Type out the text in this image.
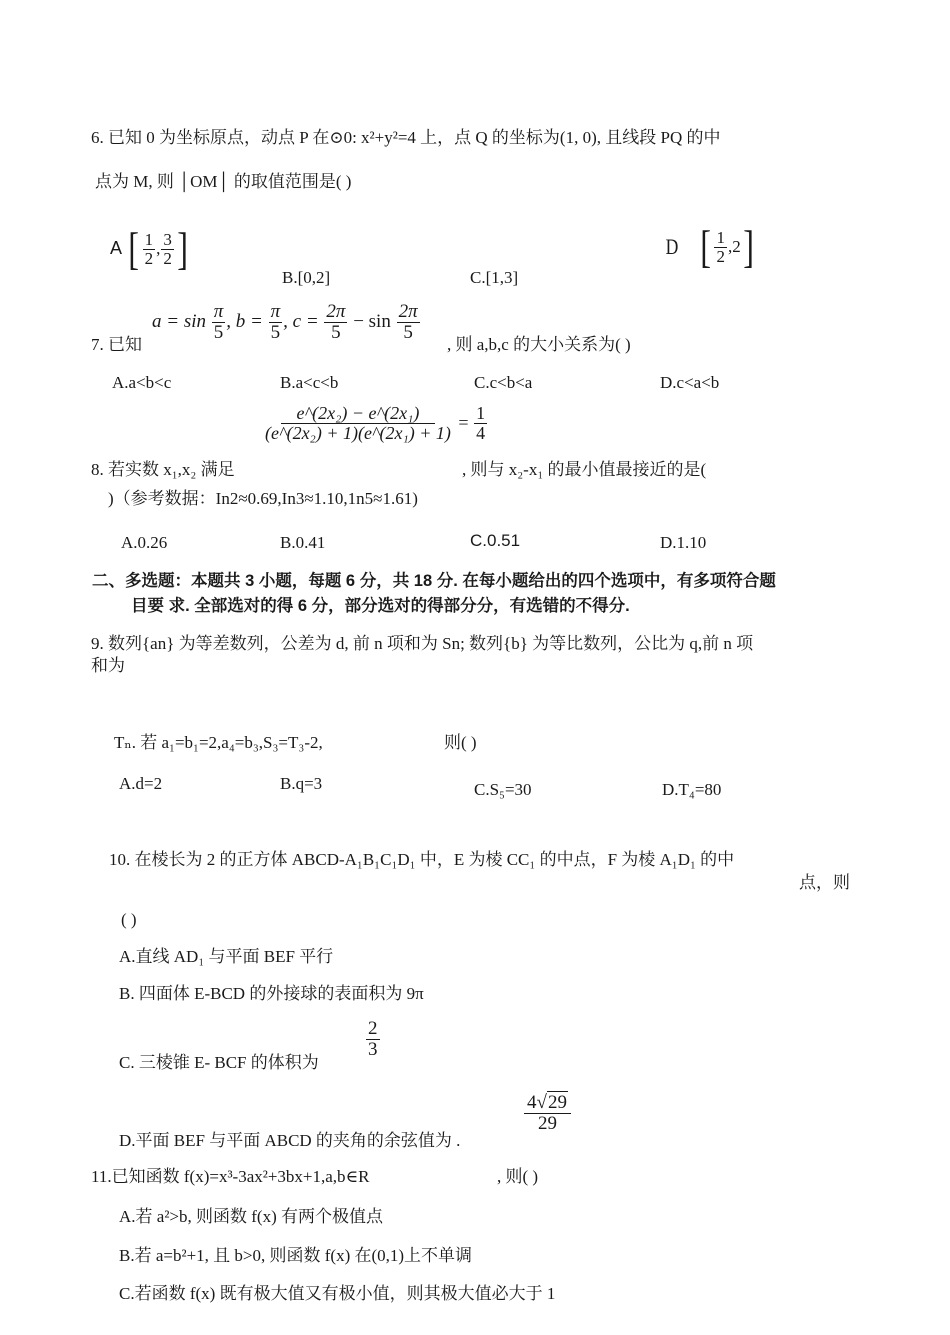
6. 已知 0 为坐标原点，动点 P 在⊙0: x²+y²=4 上，点 Q 的坐标为(1, 0), 且线段 PQ 的中
点为 M, 则 │OM│ 的取值范围是( )
A [ $\frac{1}{2}$ , $\frac{3}{2}$ ]
B.[0,2]	C.[1,3]
D [ $\frac{1}{2} ,2$]
7. 已知
$a = \sin \frac{\pi}{5}$ , $b = \frac{\pi}{5}$ , $c = \frac{2\pi}{5} - \sin \frac{2\pi}{5}$
, 则 a,b,c 的大小关系为( )
A.a<b<c	B.a<c<b	C.c<b<a	D.c<a<b
8. 若实数 x₁,x₂ 满足
$\frac{\text{e\textasciicircum{}(2x₂) − e\textasciicircum{}(2x₁)}}{\text{(e\textasciicircum{}(2x₂) + 1)(e\textasciicircum{}(2x₁) + 1)}} = \frac{1}{4}$
, 则与 x₂-x₁ 的最小值最接近的是(
)（参考数据：In2≈0.69,In3≈1.10,1n5≈1.61)
A.0.26	B.0.41	C.0.51	D.1.10
二、多选题：本题共 3 小题，每题 6 分，共 18 分. 在每小题给出的四个选项中，有多项符合题
目要 求. 全部选对的得 6 分，部分选对的得部分分，有选错的不得分.
9. 数列{an} 为等差数列，公差为 d, 前 n 项和为 Sn; 数列{b} 为等比数列，公比为 q,前 n 项
和为
Tₙ. 若 a₁=b₁=2,a₄=b₃,S₃=T₃-2,	则( )
A.d=2	B.q=3	C.S₅=30	D.T₄=80
10. 在棱长为 2 的正方体 ABCD-A₁B₁C₁D₁ 中，E 为棱 CC₁ 的中点，F 为棱 A₁D₁ 的中
点，则
( )
A.直线 AD₁ 与平面 BEF 平行
B. 四面体 E-BCD 的外接球的表面积为 9π
C. 三棱锥 E- BCF 的体积为
$\frac{2}{3}$
D.平面 BEF 与平面 ABCD 的夹角的余弦值为 .
$\frac{4√29}{29}$
11.已知函数 f(x)=x³-3ax²+3bx+1,a,b∈R	, 则( )
A.若 a²>b, 则函数 f(x) 有两个极值点
B.若 a=b²+1, 且 b>0, 则函数 f(x) 在(0,1)上不单调
C.若函数 f(x) 既有极大值又有极小值，则其极大值必大于 1
